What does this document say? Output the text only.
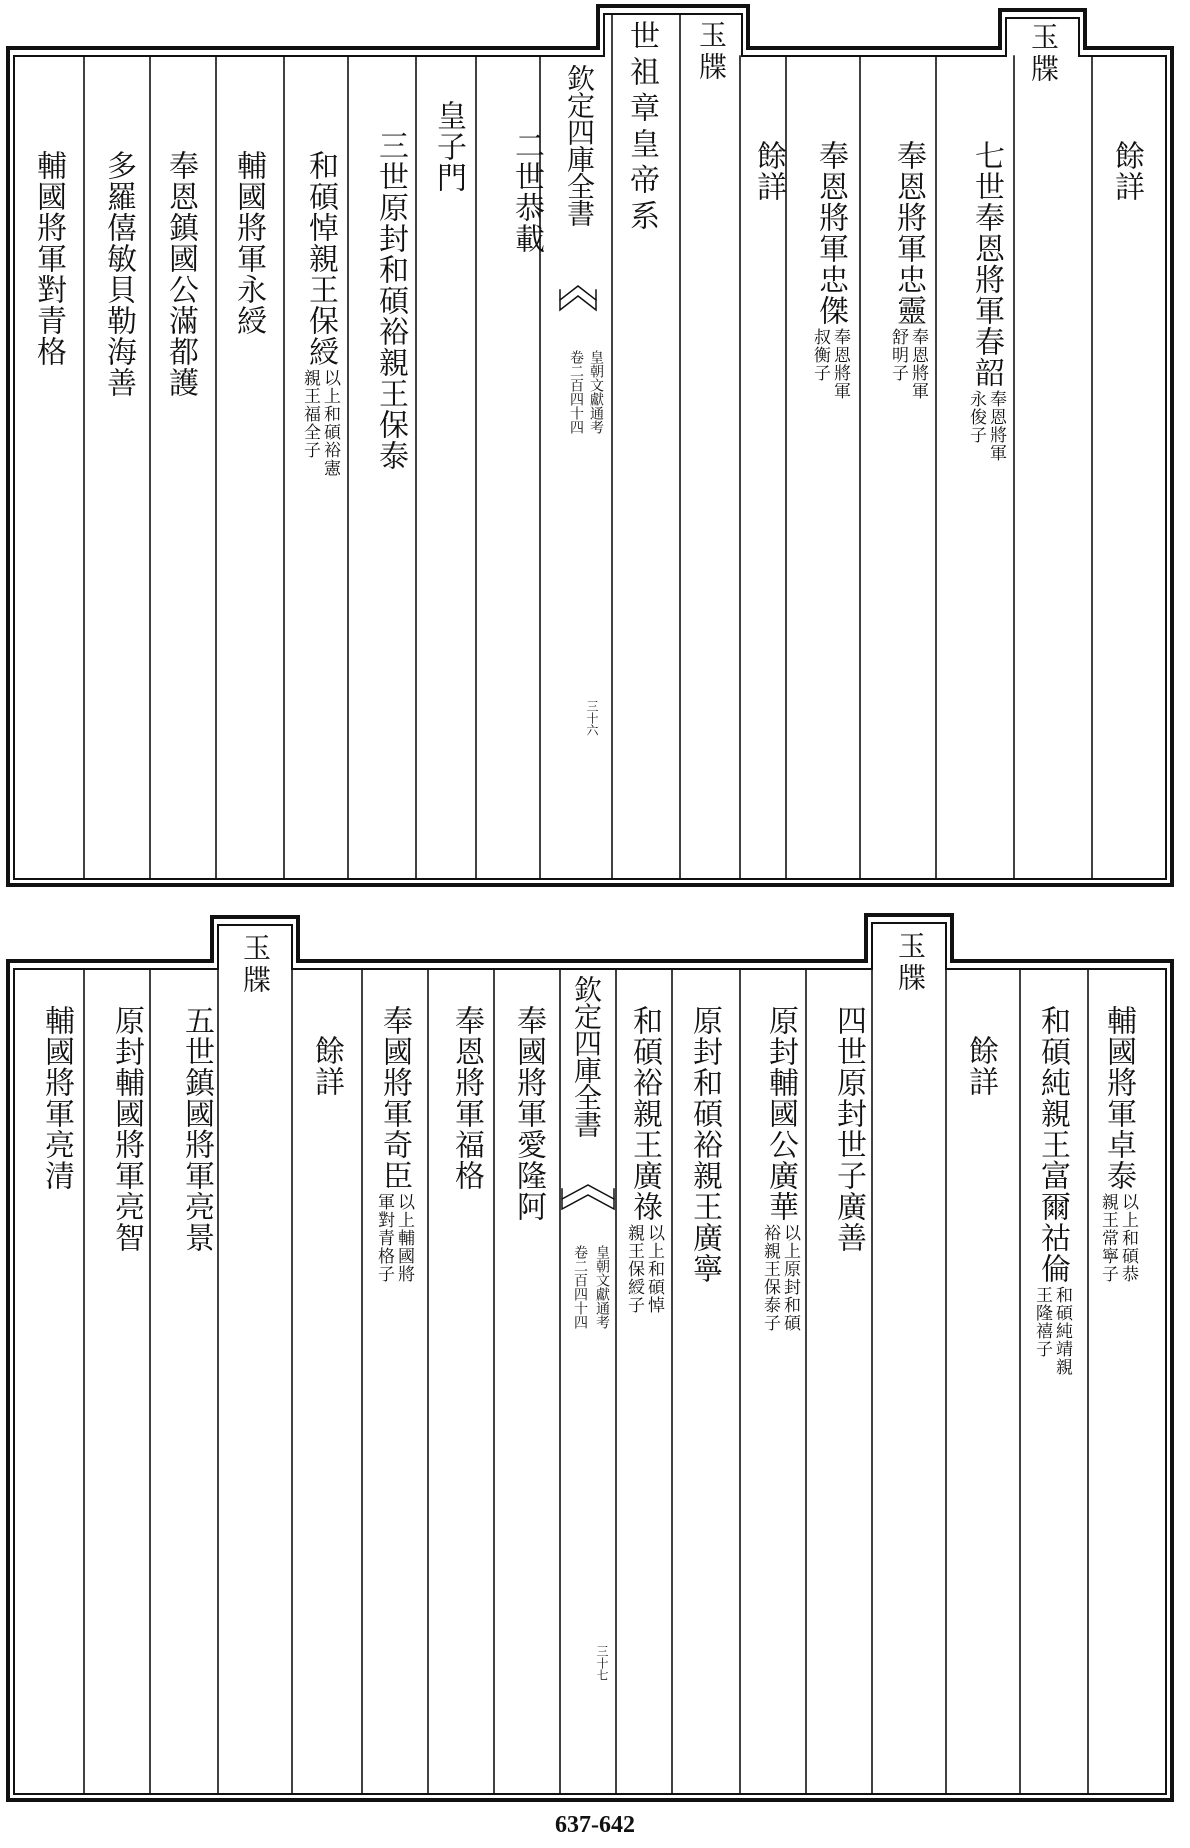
玉牒
玉牒
世祖章皇帝系
欽定四庫全書
卷二百四十四 皇朝文獻通考
三十六
餘詳
七世奉恩將軍春韶
奉恩將軍
永俊子
奉恩將軍忠靈
奉恩將軍
舒明子
奉恩將軍忠傑
奉恩將軍
叔衡子
餘詳
二世恭載
皇子門
三世原封和碩裕親王保泰
和碩悼親王保綬
以上和碩裕憲
親王福全子
輔國將軍永綬
奉恩鎮國公滿都護
多羅僖敏貝勒海善
輔國將軍對青格
玉牒
玉牒
欽定四庫全書
卷二百四十四 皇朝文獻通考
三十七
輔國將軍卓泰
以上和碩恭
親王常寧子
和碩純親王富爾祜倫
和碩純靖親
王隆禧子
餘詳
四世原封世子廣善
原封輔國公廣華
以上原封和碩
裕親王保泰子
原封和碩裕親王廣寧
和碩裕親王廣祿
以上和碩悼
親王保綬子
奉國將軍愛隆阿
奉恩將軍福格
奉國將軍奇臣
以上輔國將
軍對青格子
餘詳
五世鎮國將軍亮景
原封輔國將軍亮智
輔國將軍亮清
637-642
